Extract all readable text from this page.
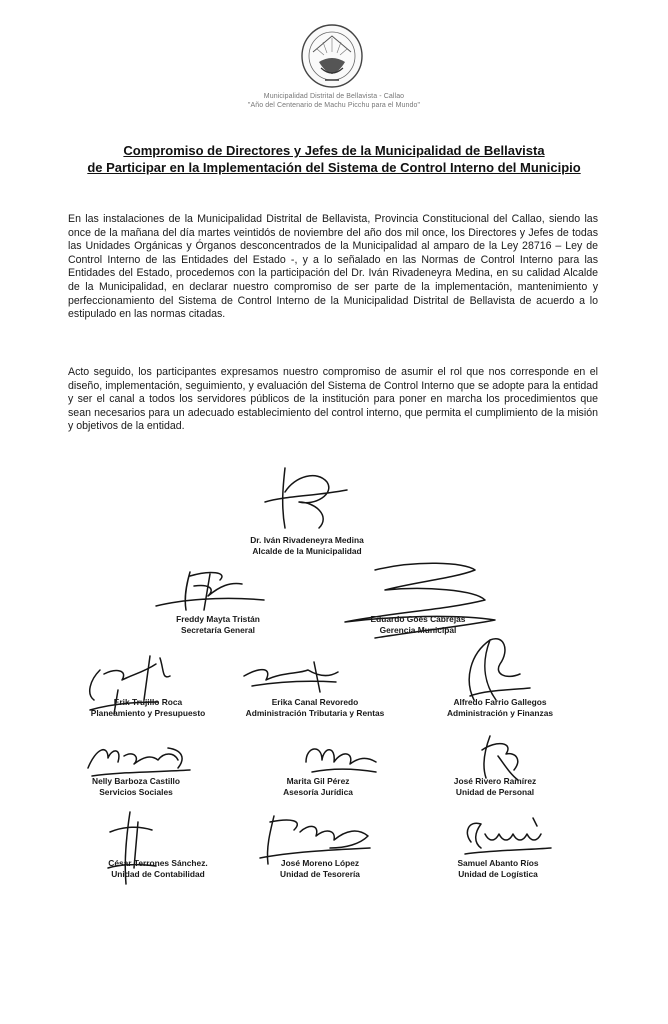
Municipalidad Distrital de Bellavista - Callao
"Año del Centenario de Machu Picchu para el Mundo"
Compromiso de Directores y Jefes de la Municipalidad de Bellavista
de Participar en la Implementación del Sistema de Control Interno del Municipio
En las instalaciones de la Municipalidad Distrital de Bellavista, Provincia Constitucional del Callao, siendo las once de la mañana del día martes veintidós de noviembre del año dos mil once, los Directores y Jefes de todas las Unidades Orgánicas y Órganos desconcentrados de la Municipalidad al amparo de la Ley 28716 – Ley de Control Interno de las Entidades del Estado -, y a lo señalado en las Normas de Control Interno para las Entidades del Estado, procedemos con la participación del Dr. Iván Rivadeneyra Medina, en su calidad Alcalde de la Municipalidad, en declarar nuestro compromiso de ser parte de la implementación, mantenimiento y perfeccionamiento del Sistema de Control Interno de la Municipalidad Distrital de Bellavista de acuerdo a lo estipulado en las normas citadas.
Acto seguido, los participantes expresamos nuestro compromiso de asumir el rol que nos corresponde en el diseño, implementación, seguimiento, y evaluación del Sistema de Control Interno que se adopte para la entidad y ser el canal a todos los servidores públicos de la institución para poner en marcha los procedimientos que sean necesarios para un adecuado establecimiento del control interno, que permita el cumplimiento de la misión y objetivos de la entidad.
Dr. Iván Rivadeneyra Medina
Alcalde de la Municipalidad
Freddy Mayta Tristán
Secretaría General
Eduardo Goes Cabrejas
Gerencia Municipal
Erik Trujillo Roca
Planeamiento y Presupuesto
Erika Canal Revoredo
Administración Tributaria y Rentas
Alfredo Farrio Gallegos
Administración y Finanzas
Nelly Barboza Castillo
Servicios Sociales
Marita Gil Pérez
Asesoría Jurídica
José Rivero Ramírez
Unidad de Personal
César Terrones Sánchez.
Unidad de Contabilidad
José Moreno López
Unidad de Tesorería
Samuel Abanto Ríos
Unidad de Logística
